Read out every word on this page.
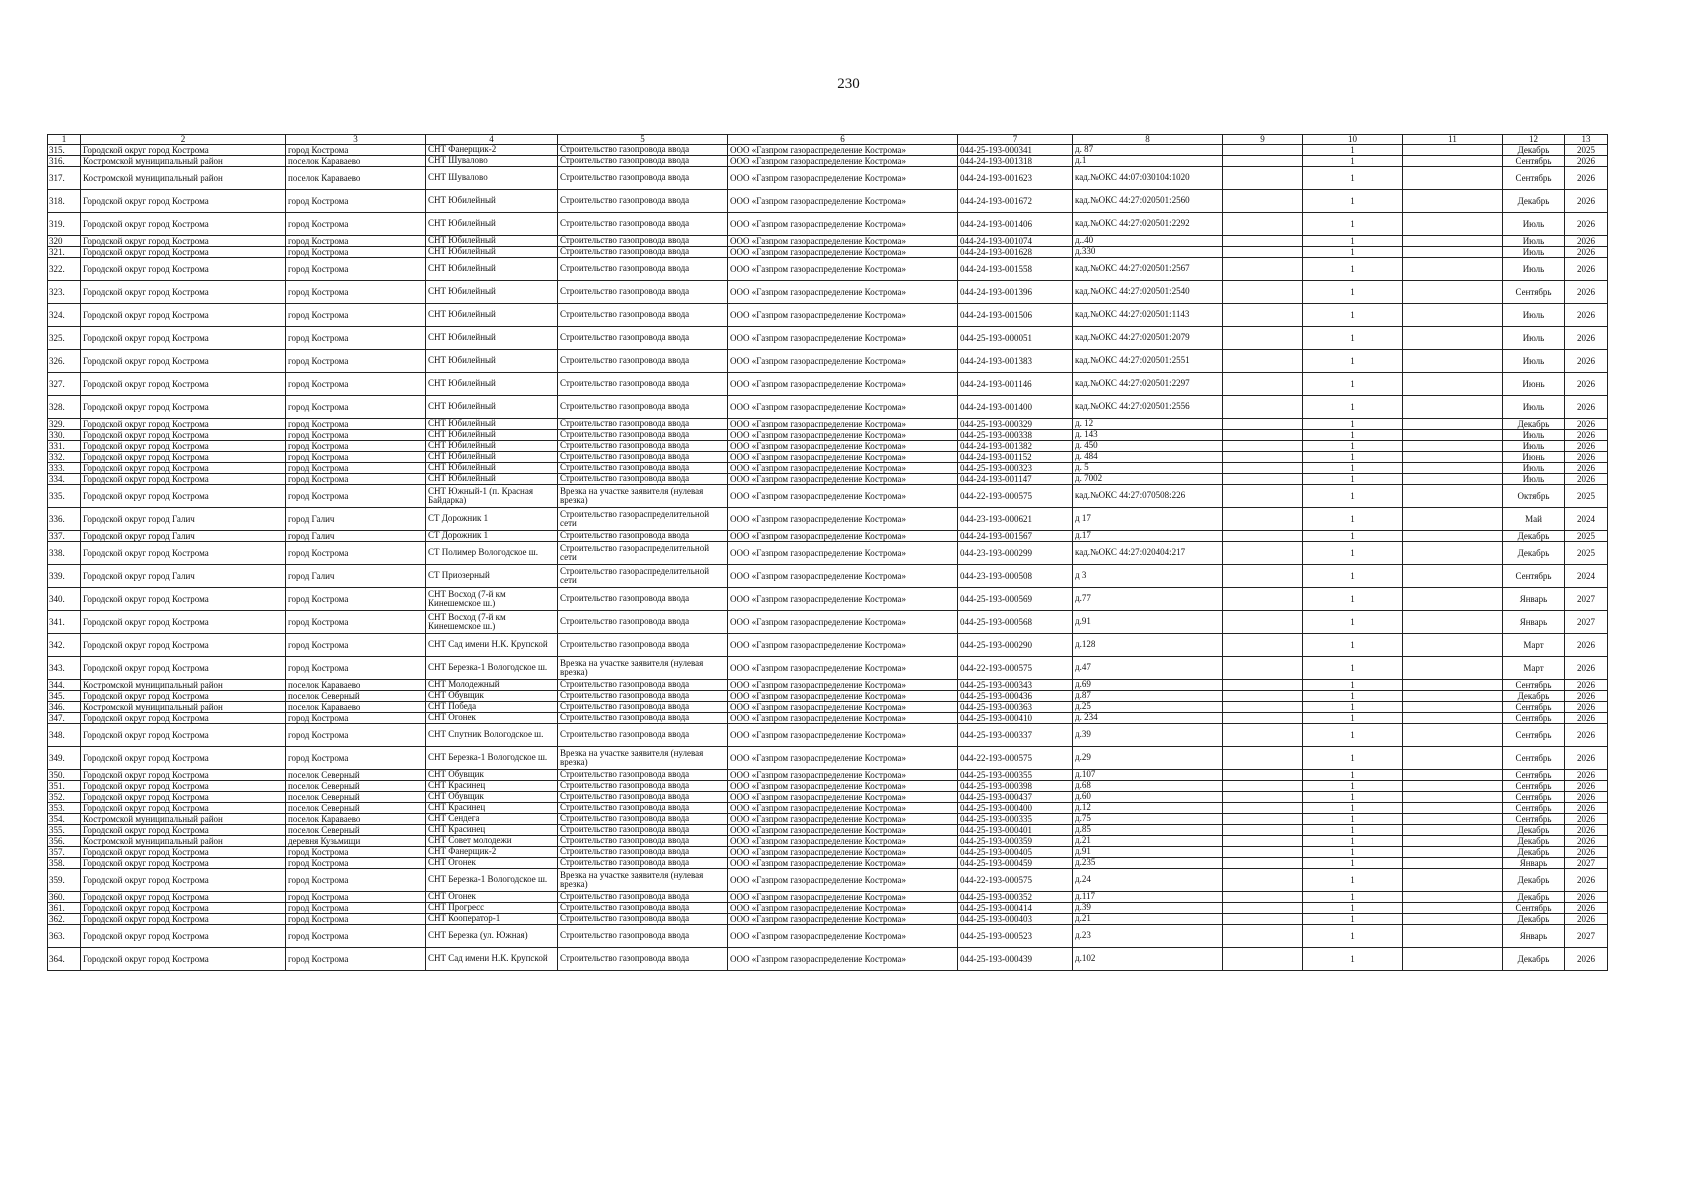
230
1	2	3	4	5	6	7	8	9	10	11	12	13
315.	Городской округ город Кострома	город Кострома	СНТ Фанерщик-2	Строительство газопровода ввода	ООО «Газпром газораспределение Кострома»	044-25-193-000341	д. 87		1		Декабрь	2025
316.	Костромской муниципальный район	поселок Караваево	СНТ Шувалово	Строительство газопровода ввода	ООО «Газпром газораспределение Кострома»	044-24-193-001318	д.1		1		Сентябрь	2026
317.	Костромской муниципальный район	поселок Караваево	СНТ Шувалово	Строительство газопровода ввода	ООО «Газпром газораспределение Кострома»	044-24-193-001623	кад.№ОКС 44:07:030104:1020		1		Сентябрь	2026
318.	Городской округ город Кострома	город Кострома	СНТ Юбилейный	Строительство газопровода ввода	ООО «Газпром газораспределение Кострома»	044-24-193-001672	кад.№ОКС 44:27:020501:2560		1		Декабрь	2026
319.	Городской округ город Кострома	город Кострома	СНТ Юбилейный	Строительство газопровода ввода	ООО «Газпром газораспределение Кострома»	044-24-193-001406	кад.№ОКС 44:27:020501:2292		1		Июль	2026
320	Городской округ город Кострома	город Кострома	СНТ Юбилейный	Строительство газопровода ввода	ООО «Газпром газораспределение Кострома»	044-24-193-001074	д..40		1		Июль	2026
321.	Городской округ город Кострома	город Кострома	СНТ Юбилейный	Строительство газопровода ввода	ООО «Газпром газораспределение Кострома»	044-24-193-001628	д.330		1		Июль	2026
322.	Городской округ город Кострома	город Кострома	СНТ Юбилейный	Строительство газопровода ввода	ООО «Газпром газораспределение Кострома»	044-24-193-001558	кад.№ОКС 44:27:020501:2567		1		Июль	2026
323.	Городской округ город Кострома	город Кострома	СНТ Юбилейный	Строительство газопровода ввода	ООО «Газпром газораспределение Кострома»	044-24-193-001396	кад.№ОКС 44:27:020501:2540		1		Сентябрь	2026
324.	Городской округ город Кострома	город Кострома	СНТ Юбилейный	Строительство газопровода ввода	ООО «Газпром газораспределение Кострома»	044-24-193-001506	кад.№ОКС 44:27:020501:1143		1		Июль	2026
325.	Городской округ город Кострома	город Кострома	СНТ Юбилейный	Строительство газопровода ввода	ООО «Газпром газораспределение Кострома»	044-25-193-000051	кад.№ОКС 44:27:020501:2079		1		Июль	2026
326.	Городской округ город Кострома	город Кострома	СНТ Юбилейный	Строительство газопровода ввода	ООО «Газпром газораспределение Кострома»	044-24-193-001383	кад.№ОКС 44:27:020501:2551		1		Июль	2026
327.	Городской округ город Кострома	город Кострома	СНТ Юбилейный	Строительство газопровода ввода	ООО «Газпром газораспределение Кострома»	044-24-193-001146	кад.№ОКС 44:27:020501:2297		1		Июнь	2026
328.	Городской округ город Кострома	город Кострома	СНТ Юбилейный	Строительство газопровода ввода	ООО «Газпром газораспределение Кострома»	044-24-193-001400	кад.№ОКС 44:27:020501:2556		1		Июль	2026
329.	Городской округ город Кострома	город Кострома	СНТ Юбилейный	Строительство газопровода ввода	ООО «Газпром газораспределение Кострома»	044-25-193-000329	д. 12		1		Декабрь	2026
330.	Городской округ город Кострома	город Кострома	СНТ Юбилейный	Строительство газопровода ввода	ООО «Газпром газораспределение Кострома»	044-25-193-000338	д. 143		1		Июль	2026
331.	Городской округ город Кострома	город Кострома	СНТ Юбилейный	Строительство газопровода ввода	ООО «Газпром газораспределение Кострома»	044-24-193-001382	д. 450		1		Июль	2026
332.	Городской округ город Кострома	город Кострома	СНТ Юбилейный	Строительство газопровода ввода	ООО «Газпром газораспределение Кострома»	044-24-193-001152	д. 484		1		Июнь	2026
333.	Городской округ город Кострома	город Кострома	СНТ Юбилейный	Строительство газопровода ввода	ООО «Газпром газораспределение Кострома»	044-25-193-000323	д. 5		1		Июль	2026
334.	Городской округ город Кострома	город Кострома	СНТ Юбилейный	Строительство газопровода ввода	ООО «Газпром газораспределение Кострома»	044-24-193-001147	д. 7002		1		Июль	2026
335.	Городской округ город Кострома	город Кострома	СНТ Южный-1 (п. Красная Байдарка)	Врезка на участке заявителя (нулевая врезка)	ООО «Газпром газораспределение Кострома»	044-22-193-000575	кад.№ОКС 44:27:070508:226		1		Октябрь	2025
336.	Городской округ город Галич	город Галич	СТ Дорожник 1	Строительство газораспределительной сети	ООО «Газпром газораспределение Кострома»	044-23-193-000621	д 17		1		Май	2024
337.	Городской округ город Галич	город Галич	СТ Дорожник 1	Строительство газопровода ввода	ООО «Газпром газораспределение Кострома»	044-24-193-001567	д.17		1		Декабрь	2025
338.	Городской округ город Кострома	город Кострома	СТ Полимер Вологодское ш.	Строительство газораспределительной сети	ООО «Газпром газораспределение Кострома»	044-23-193-000299	кад.№ОКС 44:27:020404:217		1		Декабрь	2025
339.	Городской округ город Галич	город Галич	СТ Приозерный	Строительство газораспределительной сети	ООО «Газпром газораспределение Кострома»	044-23-193-000508	д 3		1		Сентябрь	2024
340.	Городской округ город Кострома	город Кострома	СНТ Восход (7-й км Кинешемское ш.)	Строительство газопровода ввода	ООО «Газпром газораспределение Кострома»	044-25-193-000569	д.77		1		Январь	2027
341.	Городской округ город Кострома	город Кострома	СНТ Восход (7-й км Кинешемское ш.)	Строительство газопровода ввода	ООО «Газпром газораспределение Кострома»	044-25-193-000568	д.91		1		Январь	2027
342.	Городской округ город Кострома	город Кострома	СНТ Сад имени Н.К. Крупской	Строительство газопровода ввода	ООО «Газпром газораспределение Кострома»	044-25-193-000290	д.128		1		Март	2026
343.	Городской округ город Кострома	город Кострома	СНТ Березка-1 Вологодское ш.	Врезка на участке заявителя (нулевая врезка)	ООО «Газпром газораспределение Кострома»	044-22-193-000575	д.47		1		Март	2026
344.	Костромской муниципальный район	поселок Караваево	СНТ Молодежный	Строительство газопровода ввода	ООО «Газпром газораспределение Кострома»	044-25-193-000343	д.69		1		Сентябрь	2026
345.	Городской округ город Кострома	поселок Северный	СНТ Обувщик	Строительство газопровода ввода	ООО «Газпром газораспределение Кострома»	044-25-193-000436	д.87		1		Декабрь	2026
346.	Костромской муниципальный район	поселок Караваево	СНТ Победа	Строительство газопровода ввода	ООО «Газпром газораспределение Кострома»	044-25-193-000363	д.25		1		Сентябрь	2026
347.	Городской округ город Кострома	город Кострома	СНТ Огонек	Строительство газопровода ввода	ООО «Газпром газораспределение Кострома»	044-25-193-000410	д. 234		1		Сентябрь	2026
348.	Городской округ город Кострома	город Кострома	СНТ Спутник Вологодское ш.	Строительство газопровода ввода	ООО «Газпром газораспределение Кострома»	044-25-193-000337	д.39		1		Сентябрь	2026
349.	Городской округ город Кострома	город Кострома	СНТ Березка-1 Вологодское ш.	Врезка на участке заявителя (нулевая врезка)	ООО «Газпром газораспределение Кострома»	044-22-193-000575	д.29		1		Сентябрь	2026
350.	Городской округ город Кострома	поселок Северный	СНТ Обувщик	Строительство газопровода ввода	ООО «Газпром газораспределение Кострома»	044-25-193-000355	д.107		1		Сентябрь	2026
351.	Городской округ город Кострома	поселок Северный	СНТ Красинец	Строительство газопровода ввода	ООО «Газпром газораспределение Кострома»	044-25-193-000398	д.68		1		Сентябрь	2026
352.	Городской округ город Кострома	поселок Северный	СНТ Обувщик	Строительство газопровода ввода	ООО «Газпром газораспределение Кострома»	044-25-193-000437	д.60		1		Сентябрь	2026
353.	Городской округ город Кострома	поселок Северный	СНТ Красинец	Строительство газопровода ввода	ООО «Газпром газораспределение Кострома»	044-25-193-000400	д.12		1		Сентябрь	2026
354.	Костромской муниципальный район	поселок Караваево	СНТ Сендега	Строительство газопровода ввода	ООО «Газпром газораспределение Кострома»	044-25-193-000335	д.75		1		Сентябрь	2026
355.	Городской округ город Кострома	поселок Северный	СНТ Красинец	Строительство газопровода ввода	ООО «Газпром газораспределение Кострома»	044-25-193-000401	д.85		1		Декабрь	2026
356.	Костромской муниципальный район	деревня Кузьмищи	СНТ Совет молодежи	Строительство газопровода ввода	ООО «Газпром газораспределение Кострома»	044-25-193-000359	д.21		1		Декабрь	2026
357.	Городской округ город Кострома	город Кострома	СНТ Фанерщик-2	Строительство газопровода ввода	ООО «Газпром газораспределение Кострома»	044-25-193-000405	д.91		1		Декабрь	2026
358.	Городской округ город Кострома	город Кострома	СНТ Огонек	Строительство газопровода ввода	ООО «Газпром газораспределение Кострома»	044-25-193-000459	д.235		1		Январь	2027
359.	Городской округ город Кострома	город Кострома	СНТ Березка-1 Вологодское ш.	Врезка на участке заявителя (нулевая врезка)	ООО «Газпром газораспределение Кострома»	044-22-193-000575	д.24		1		Декабрь	2026
360.	Городской округ город Кострома	город Кострома	СНТ Огонек	Строительство газопровода ввода	ООО «Газпром газораспределение Кострома»	044-25-193-000352	д.117		1		Декабрь	2026
361.	Городской округ город Кострома	город Кострома	СНТ Прогресс	Строительство газопровода ввода	ООО «Газпром газораспределение Кострома»	044-25-193-000414	д.39		1		Сентябрь	2026
362.	Городской округ город Кострома	город Кострома	СНТ Кооператор-1	Строительство газопровода ввода	ООО «Газпром газораспределение Кострома»	044-25-193-000403	д.21		1		Декабрь	2026
363.	Городской округ город Кострома	город Кострома	СНТ Березка (ул. Южная)	Строительство газопровода ввода	ООО «Газпром газораспределение Кострома»	044-25-193-000523	д.23		1		Январь	2027
364.	Городской округ город Кострома	город Кострома	СНТ Сад имени Н.К. Крупской	Строительство газопровода ввода	ООО «Газпром газораспределение Кострома»	044-25-193-000439	д.102		1		Декабрь	2026
